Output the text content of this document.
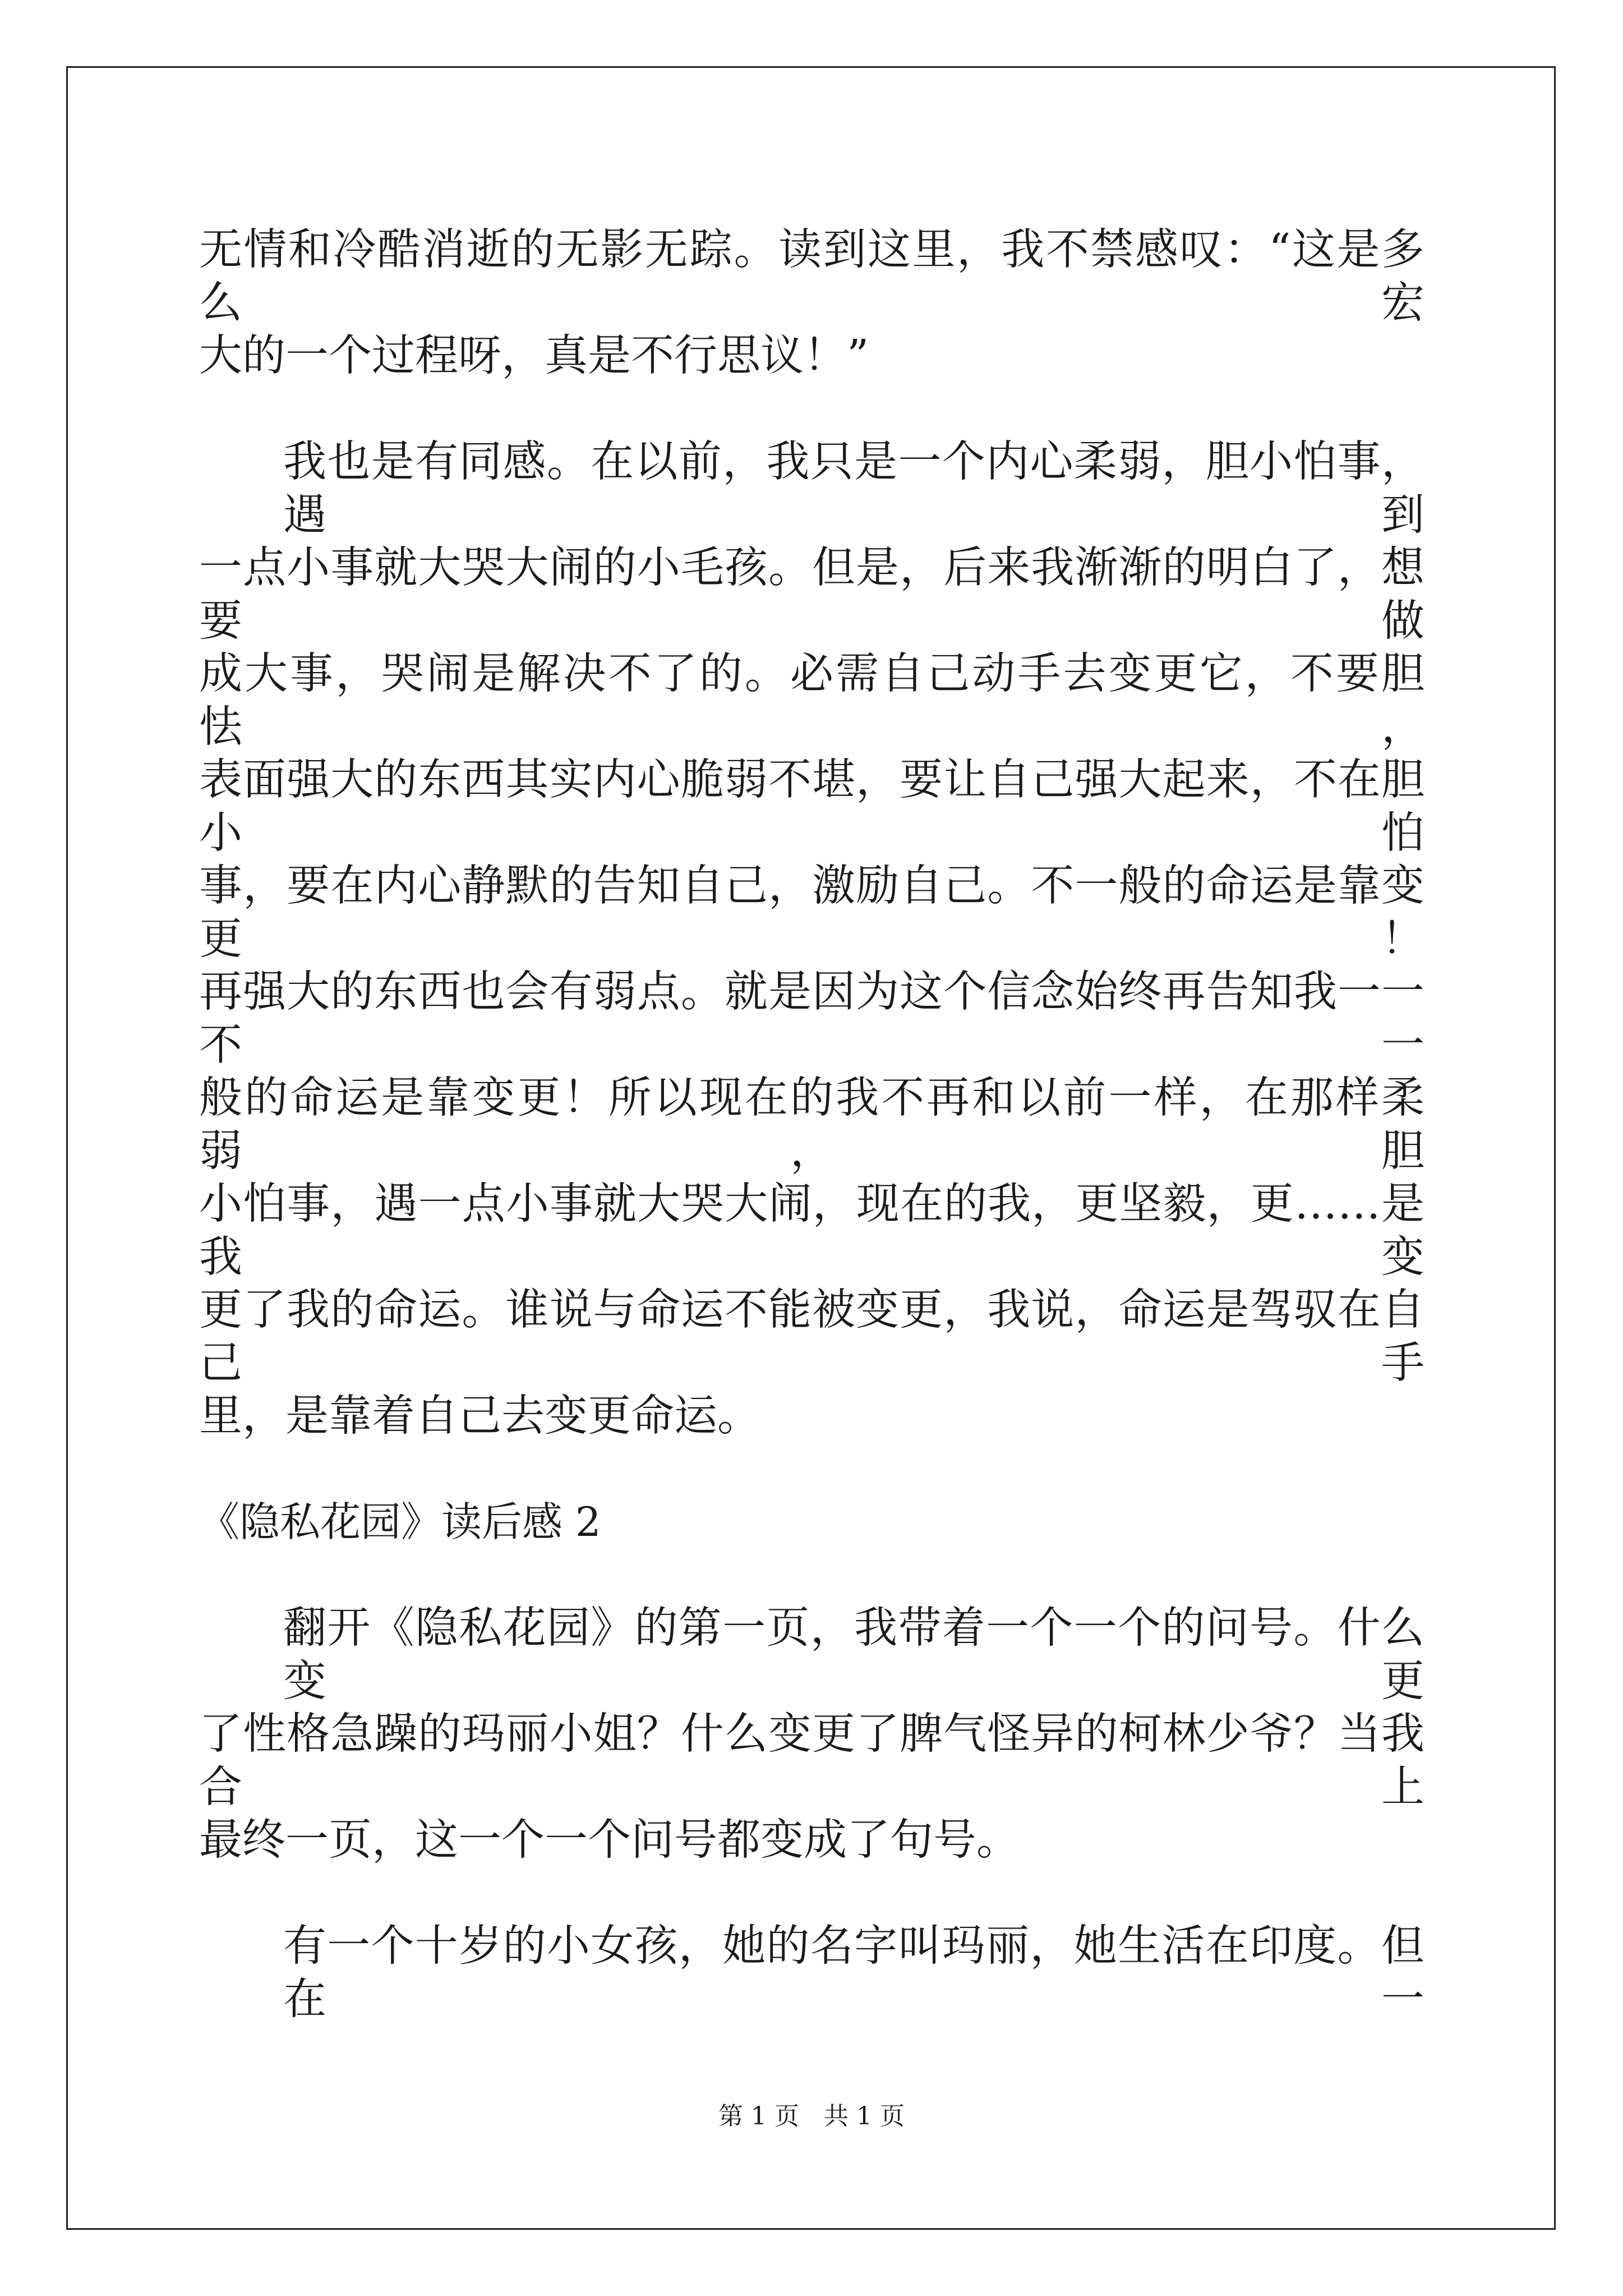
无情和冷酷消逝的无影无踪。读到这里，我不禁感叹：“这是多么宏
大的一个过程呀，真是不行思议！”
我也是有同感。在以前，我只是一个内心柔弱，胆小怕事，遇到
一点小事就大哭大闹的小毛孩。但是，后来我渐渐的明白了，想要做
成大事，哭闹是解决不了的。必需自己动手去变更它，不要胆怯　，
表面强大的东西其实内心脆弱不堪，要让自己强大起来，不在胆小怕
事，要在内心静默的告知自己，激励自己。不一般的命运是靠变更！
再强大的东西也会有弱点。就是因为这个信念始终再告知我一一不一
般的命运是靠变更！所以现在的我不再和以前一样，在那样柔弱，胆
小怕事，遇一点小事就大哭大闹，现在的我，更坚毅，更……是我变
更了我的命运。谁说与命运不能被变更，我说，命运是驾驭在自己手
里，是靠着自己去变更命运。
《隐私花园》读后感 2
翻开《隐私花园》的第一页，我带着一个一个的问号。什么变更
了性格急躁的玛丽小姐？什么变更了脾气怪异的柯林少爷？当我合上
最终一页，这一个一个问号都变成了句号。
有一个十岁的小女孩，她的名字叫玛丽，她生活在印度。但在一
第 1 页　共 1 页
